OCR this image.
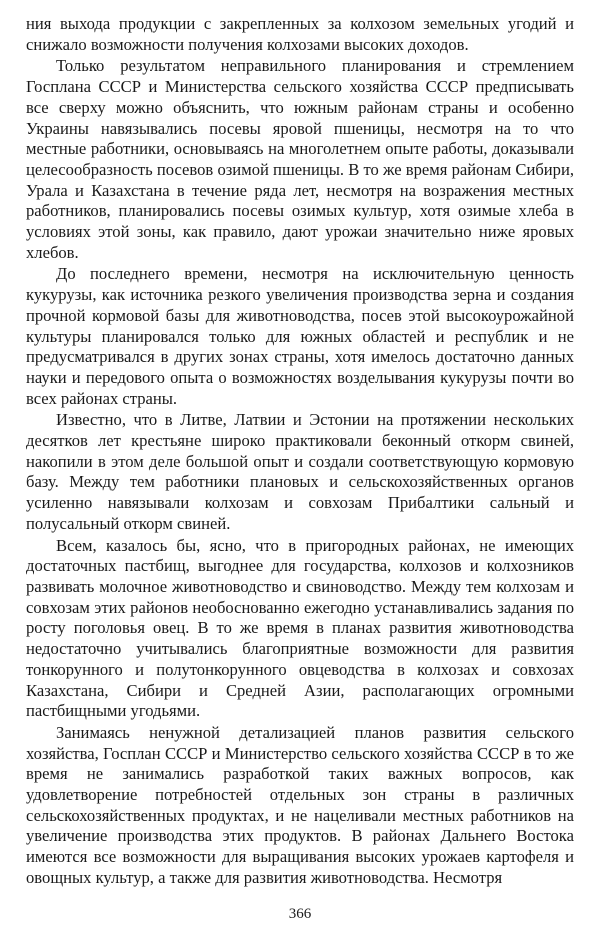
ния выхода продукции с закрепленных за колхозом земельных угодий и снижало возможности получения колхозами высоких доходов.

Только результатом неправильного планирования и стремлением Госплана СССР и Министерства сельского хозяйства СССР предписывать все сверху можно объяснить, что южным районам страны и особенно Украины навязывались посевы яровой пшеницы, несмотря на то что местные работники, основываясь на многолетнем опыте работы, доказывали целесообразность посевов озимой пшеницы. В то же время районам Сибири, Урала и Казахстана в течение ряда лет, несмотря на возражения местных работников, планировались посевы озимых культур, хотя озимые хлеба в условиях этой зоны, как правило, дают урожаи значительно ниже яровых хлебов.

До последнего времени, несмотря на исключительную ценность кукурузы, как источника резкого увеличения производства зерна и создания прочной кормовой базы для животноводства, посев этой высокоурожайной культуры планировался только для южных областей и республик и не предусматривался в других зонах страны, хотя имелось достаточно данных науки и передового опыта о возможностях возделывания кукурузы почти во всех районах страны.

Известно, что в Литве, Латвии и Эстонии на протяжении нескольких десятков лет крестьяне широко практиковали беконный откорм свиней, накопили в этом деле большой опыт и создали соответствующую кормовую базу. Между тем работники плановых и сельскохозяйственных органов усиленно навязывали колхозам и совхозам Прибалтики сальный и полусальный откорм свиней.

Всем, казалось бы, ясно, что в пригородных районах, не имеющих достаточных пастбищ, выгоднее для государства, колхозов и колхозников развивать молочное животноводство и свиноводство. Между тем колхозам и совхозам этих районов необоснованно ежегодно устанавливались задания по росту поголовья овец. В то же время в планах развития животноводства недостаточно учитывались благоприятные возможности для развития тонкорунного и полутонкорунного овцеводства в колхозах и совхозах Казахстана, Сибири и Средней Азии, располагающих огромными пастбищными угодьями.

Занимаясь ненужной детализацией планов развития сельского хозяйства, Госплан СССР и Министерство сельского хозяйства СССР в то же время не занимались разработкой таких важных вопросов, как удовлетворение потребностей отдельных зон страны в различных сельскохозяйственных продуктах, и не нацеливали местных работников на увеличение производства этих продуктов. В районах Дальнего Востока имеются все возможности для выращивания высоких урожаев картофеля и овощных культур, а также для развития животноводства. Несмотря

366
